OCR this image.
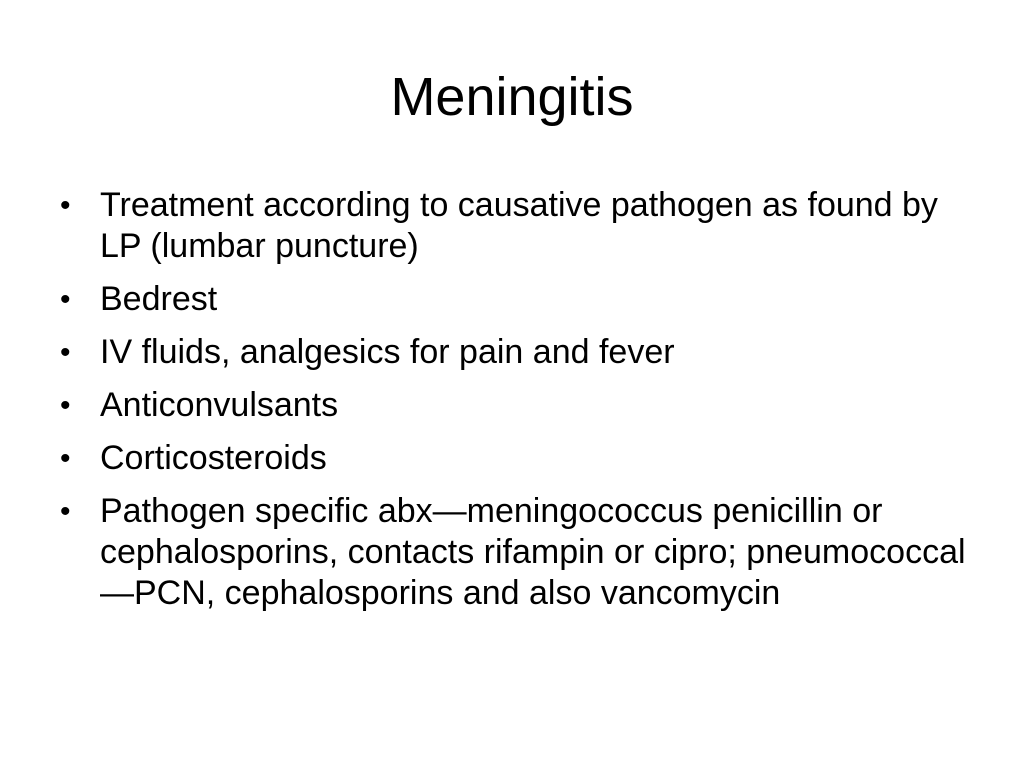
Meningitis
• Treatment according to causative pathogen as found by LP (lumbar puncture)
• Bedrest
• IV fluids, analgesics for pain and fever
• Anticonvulsants
• Corticosteroids
• Pathogen specific abx—meningococcus penicillin or cephalosporins, contacts rifampin or cipro; pneumococcal—PCN, cephalosporins and also vancomycin
